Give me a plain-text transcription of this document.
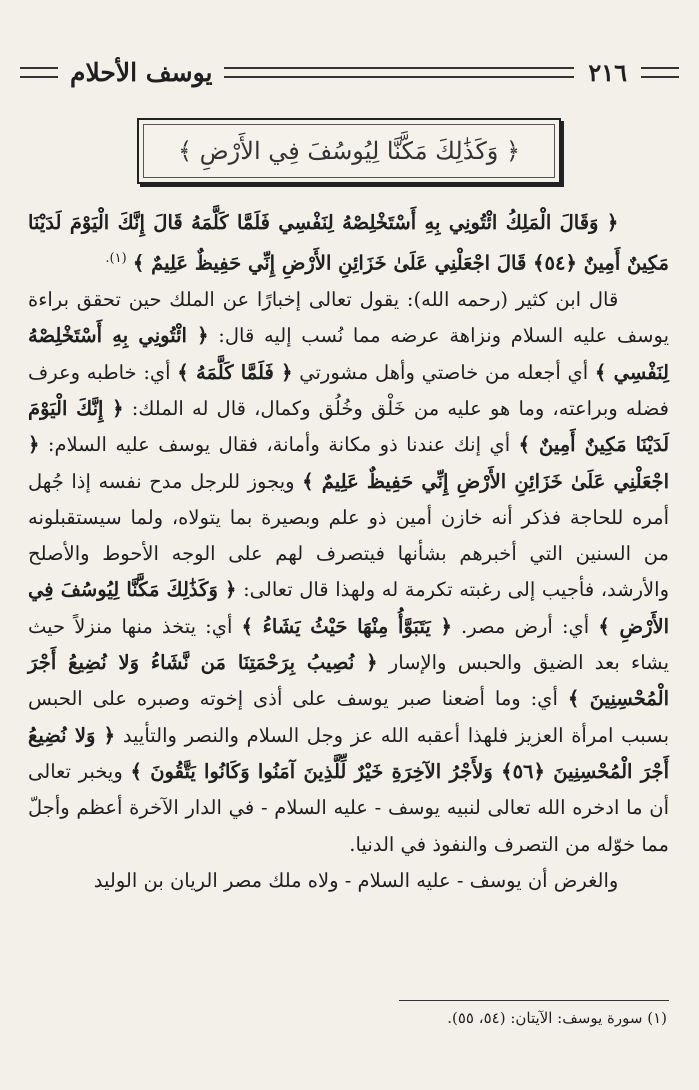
يوسف الأحلام	٢١٦
﴿ وَكَذَٰلِكَ مَكَّنَّا لِيُوسُفَ فِي الأَرْضِ ﴾

﴿ وَقَالَ الْمَلِكُ ائْتُونِي بِهِ أَسْتَخْلِصْهُ لِنَفْسِي فَلَمَّا كَلَّمَهُ قَالَ إِنَّكَ الْيَوْمَ لَدَيْنَا مَكِينٌ أَمِينٌ ﴿٥٤﴾ قَالَ اجْعَلْنِي عَلَىٰ خَزَائِنِ الأَرْضِ إِنِّي حَفِيظٌ عَلِيمٌ ﴾ $^{(١).}$

قال ابن كثير (رحمه الله): يقول تعالى إخبارًا عن الملك حين تحقق براءة يوسف عليه السلام ونزاهة عرضه مما نُسب إليه قال: ﴿ ائْتُونِي بِهِ أَسْتَخْلِصْهُ لِنَفْسِي ﴾ أي أجعله من خاصتي وأهل مشورتي ﴿ فَلَمَّا كَلَّمَهُ ﴾ أي: خاطبه وعرف فضله وبراعته، وما هو عليه من خَلْق وخُلُق وكمال، قال له الملك: ﴿ إِنَّكَ الْيَوْمَ لَدَيْنَا مَكِينٌ أَمِينٌ ﴾ أي إنك عندنا ذو مكانة وأمانة، فقال يوسف عليه السلام: ﴿ اجْعَلْنِي عَلَىٰ خَزَائِنِ الأَرْضِ إِنِّي حَفِيظٌ عَلِيمٌ ﴾ ويجوز للرجل مدح نفسه إذا جُهل أمره للحاجة فذكر أنه خازن أمين ذو علم وبصيرة بما يتولاه، ولما سيستقبلونه من السنين التي أخبرهم بشأنها فيتصرف لهم على الوجه الأحوط والأصلح والأرشد، فأجيب إلى رغبته تكرمة له ولهذا قال تعالى: ﴿ وَكَذَٰلِكَ مَكَّنَّا لِيُوسُفَ فِي الأَرْضِ ﴾ أي: أرض مصر. ﴿ يَتَبَوَّأُ مِنْهَا حَيْثُ يَشَاءُ ﴾ أي: يتخذ منها منزلاً حيث يشاء بعد الضيق والحبس والإسار ﴿ نُصِيبُ بِرَحْمَتِنَا مَن نَّشَاءُ وَلا نُضِيعُ أَجْرَ الْمُحْسِنِينَ ﴾ أي: وما أضعنا صبر يوسف على أذى إخوته وصبره على الحبس بسبب امرأة العزيز فلهذا أعقبه الله عز وجل السلام والنصر والتأييد ﴿ وَلا نُضِيعُ أَجْرَ الْمُحْسِنِينَ ﴿٥٦﴾ وَلأَجْرُ الآخِرَةِ خَيْرٌ لِّلَّذِينَ آمَنُوا وَكَانُوا يَتَّقُونَ ﴾ ويخبر تعالى أن ما ادخره الله تعالى لنبيه يوسف - عليه السلام - في الدار الآخرة أعظم وأجلّ مما خوّله من التصرف والنفوذ في الدنيا.

والغرض أن يوسف - عليه السلام - ولاه ملك مصر الريان بن الوليد

(١) سورة يوسف: الآيتان: (٥٤، ٥٥).
